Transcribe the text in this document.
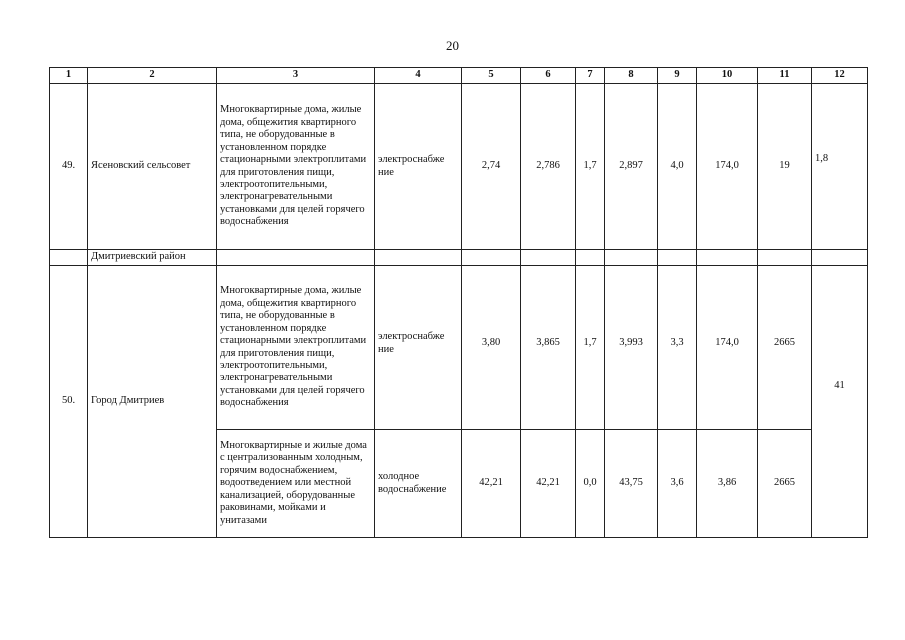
20
1	2	3	4	5	6	7	8	9	10	11	12
49.	Ясеновский сельсовет	Многоквартирные дома, жилые дома, общежития квартирного типа, не оборудованные в установленном порядке стационарными электроплитами для приготовления пищи, электроотопительными, электронагревательными установками для целей горячего водоснабжения	электроснабже ние	2,74	2,786	1,7	2,897	4,0	174,0	19	1,8
	Дмитриевский район										
50.	Город Дмитриев	Многоквартирные дома, жилые дома, общежития квартирного типа, не оборудованные в установленном порядке стационарными электроплитами для приготовления пищи, электроотопительными, электронагревательными установками для целей горячего водоснабжения	электроснабже ние	3,80	3,865	1,7	3,993	3,3	174,0	2665	41
		Многоквартирные и жилые дома с централизованным холодным, горячим водоснабжением, водоотведением или местной канализацией, оборудованные раковинами, мойками и унитазами	холодное водоснабжение	42,21	42,21	0,0	43,75	3,6	3,86	2665	
